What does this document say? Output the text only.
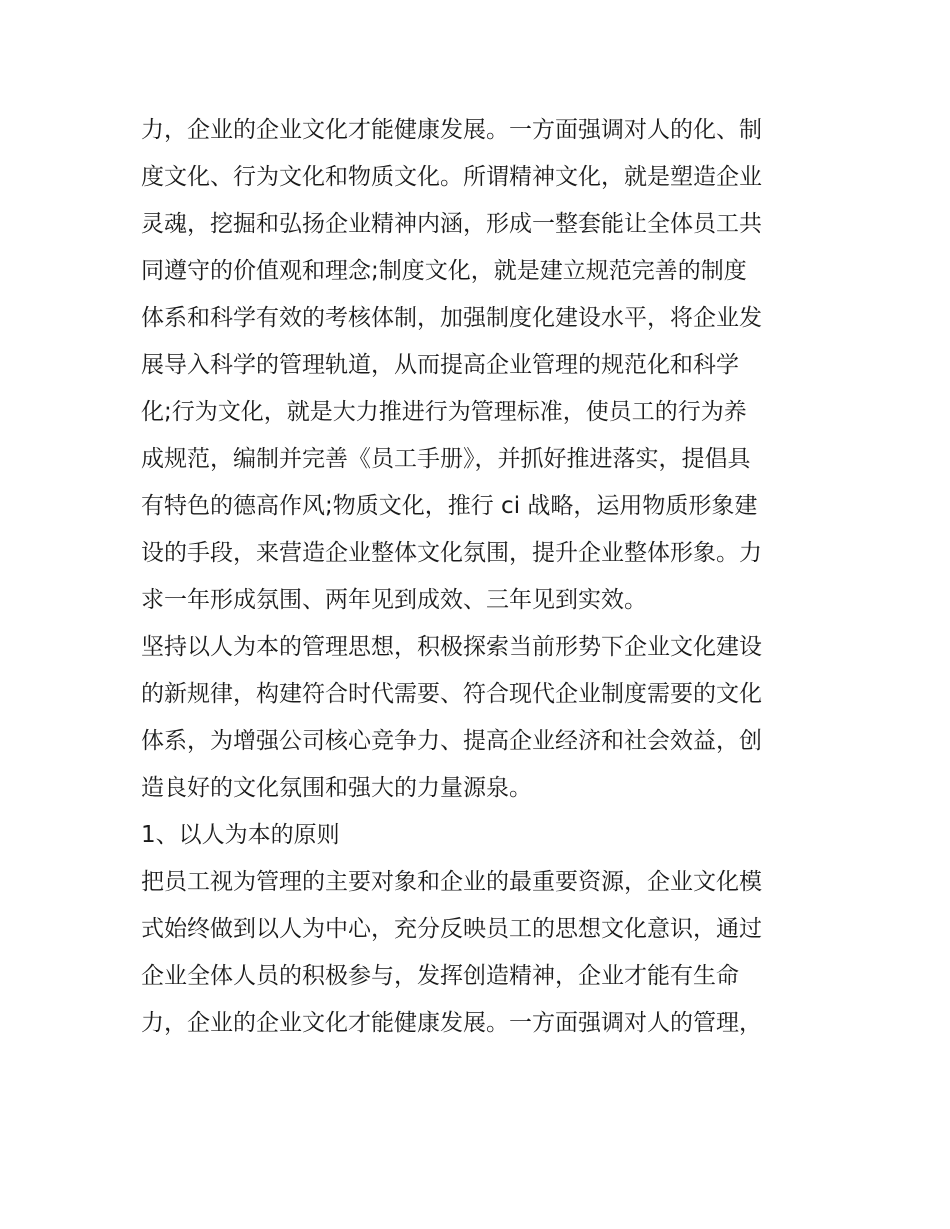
力，企业的企业文化才能健康发展。一方面强调对人的化、制
度文化、行为文化和物质文化。所谓精神文化，就是塑造企业
灵魂，挖掘和弘扬企业精神内涵，形成一整套能让全体员工共
同遵守的价值观和理念;制度文化，就是建立规范完善的制度
体系和科学有效的考核体制，加强制度化建设水平，将企业发
展导入科学的管理轨道，从而提高企业管理的规范化和科学
化;行为文化，就是大力推进行为管理标准，使员工的行为养
成规范，编制并完善《员工手册》，并抓好推进落实，提倡具
有特色的德高作风;物质文化，推行 ci 战略，运用物质形象建
设的手段，来营造企业整体文化氛围，提升企业整体形象。力
求一年形成氛围、两年见到成效、三年见到实效。
坚持以人为本的管理思想，积极探索当前形势下企业文化建设
的新规律，构建符合时代需要、符合现代企业制度需要的文化
体系，为增强公司核心竞争力、提高企业经济和社会效益，创
造良好的文化氛围和强大的力量源泉。
1、以人为本的原则
把员工视为管理的主要对象和企业的最重要资源，企业文化模
式始终做到以人为中心，充分反映员工的思想文化意识，通过
企业全体人员的积极参与，发挥创造精神，企业才能有生命
力，企业的企业文化才能健康发展。一方面强调对人的管理，
